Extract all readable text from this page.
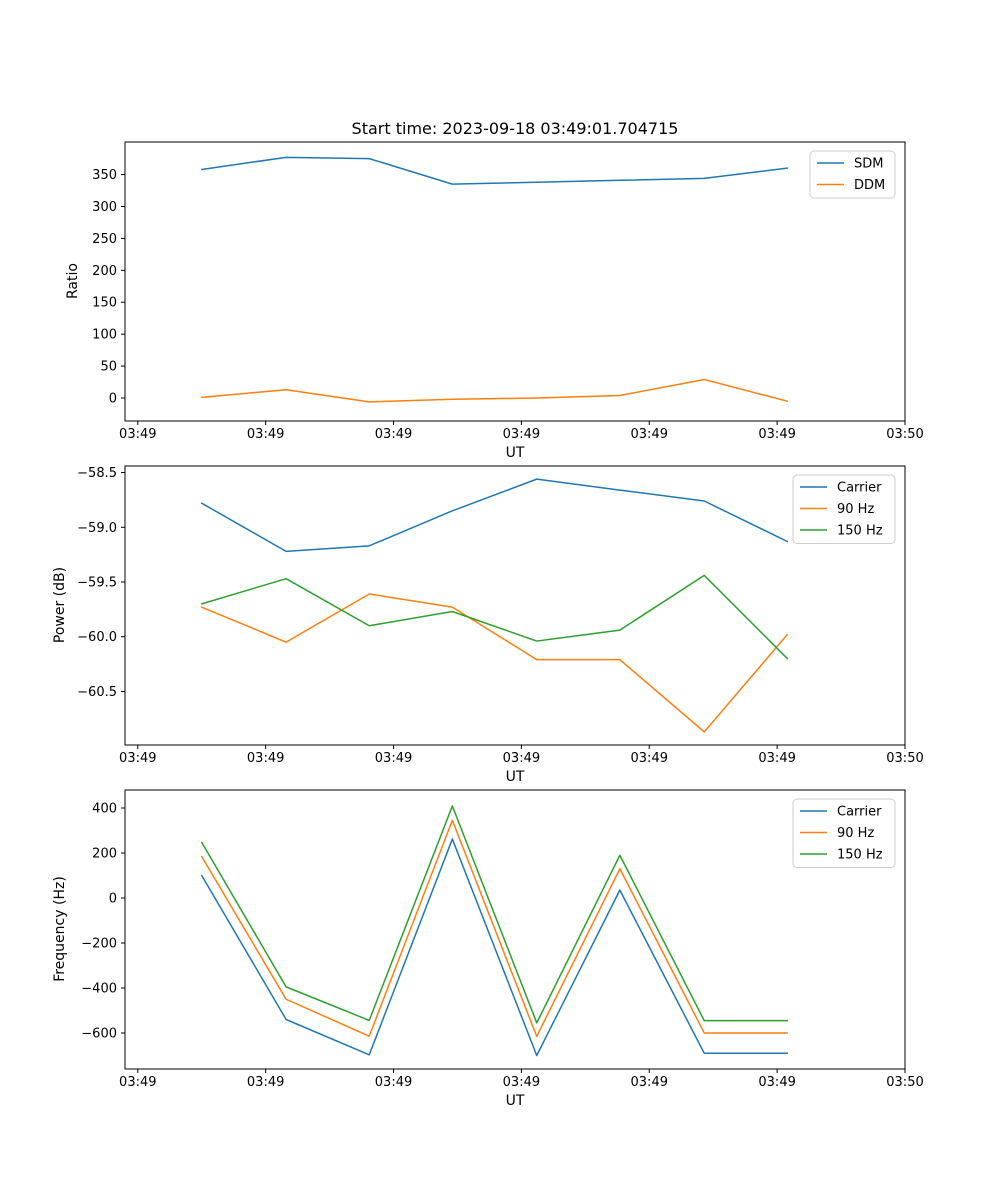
Start time: 2023-09-18 03:49:01.704715
Ratio
Power (dB)
Frequency (Hz)
UT
UT
UT
03:49	03:49	03:49	03:49	03:49	03:49	03:50
0
50
100
150
200
250
300
350
SDM
DDM
03:49	03:49	03:49	03:49	03:49	03:49	03:50
−58.5
−59.0
−59.5
−60.0
−60.5
Carrier
90 Hz
150 Hz
03:49	03:49	03:49	03:49	03:49	03:49	03:50
400
200
0
−200
−400
−600
Carrier
90 Hz
150 Hz
